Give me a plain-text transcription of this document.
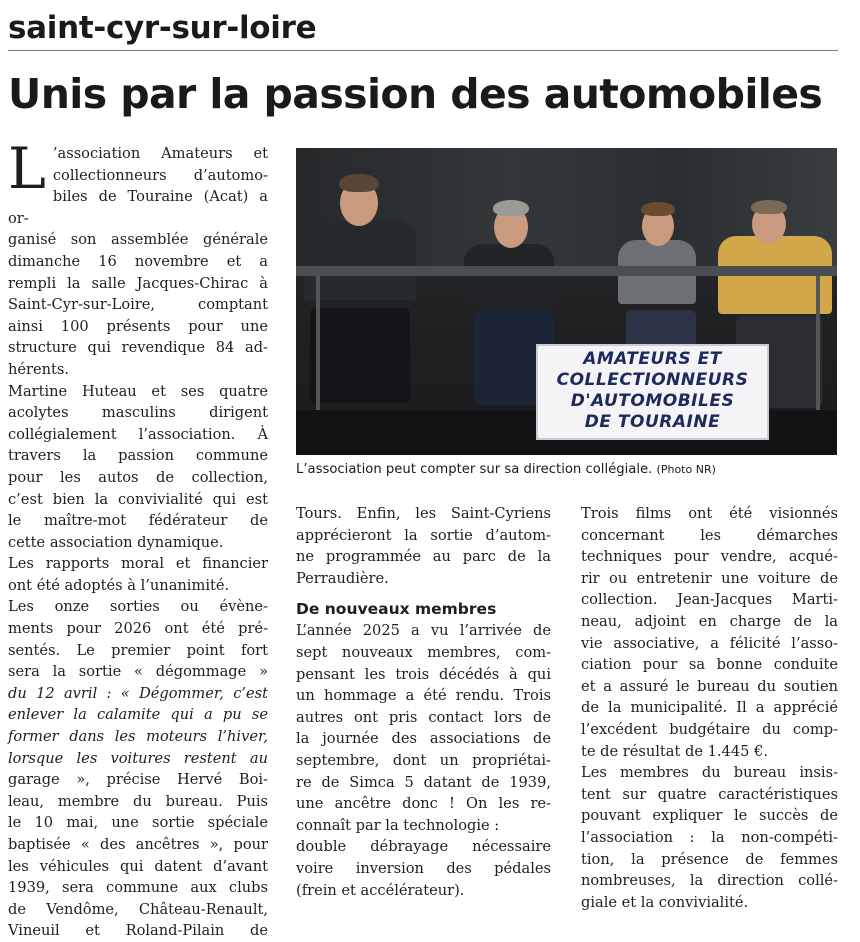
saint-cyr-sur-loire
Unis par la passion des automobiles
L ’association Amateurs et
collectionneurs d’automo-
biles de Touraine (Acat) a or-
ganisé son assemblée générale
dimanche 16 novembre et a
rempli la salle Jacques-Chirac à
Saint-Cyr-sur-Loire, comptant
ainsi 100 présents pour une
structure qui revendique 84 ad-
hérents.
Martine Huteau et ses quatre
acolytes masculins dirigent
collégialement l’association. À
travers la passion commune
pour les autos de collection,
c’est bien la convivialité qui est
le maître-mot fédérateur de
cette association dynamique.
Les rapports moral et financier
ont été adoptés à l’unanimité.
Les onze sorties ou évène-
ments pour 2026 ont été pré-
sentés. Le premier point fort
sera la sortie « dégommage »
du 12 avril : « Dégommer, c’est
enlever la calamite qui a pu se
former dans les moteurs l’hiver,
lorsque les voitures restent au
garage », précise Hervé Boi-
leau, membre du bureau. Puis
le 10 mai, une sortie spéciale
baptisée « des ancêtres », pour
les véhicules qui datent d’avant
1939, sera commune aux clubs
de Vendôme, Château-Renault,
Vineuil et Roland-Pilain de
AMATEURS ET
COLLECTIONNEURS
D'AUTOMOBILES
DE TOURAINE
L’association peut compter sur sa direction collégiale. (Photo NR)
Tours. Enfin, les Saint-Cyriens
apprécieront la sortie d’autom-
ne programmée au parc de la
Perraudière.
De nouveaux membres
L’année 2025 a vu l’arrivée de
sept nouveaux membres, com-
pensant les trois décédés à qui
un hommage a été rendu. Trois
autres ont pris contact lors de
la journée des associations de
septembre, dont un propriétai-
re de Simca 5 datant de 1939,
une ancêtre donc ! On les re-
connaît par la technologie :
double débrayage nécessaire
voire inversion des pédales
(frein et accélérateur).
Trois films ont été visionnés
concernant les démarches
techniques pour vendre, acqué-
rir ou entretenir une voiture de
collection. Jean-Jacques Marti-
neau, adjoint en charge de la
vie associative, a félicité l’asso-
ciation pour sa bonne conduite
et a assuré le bureau du soutien
de la municipalité. Il a apprécié
l’excédent budgétaire du comp-
te de résultat de 1.445 €.
Les membres du bureau insis-
tent sur quatre caractéristiques
pouvant expliquer le succès de
l’association : la non-compéti-
tion, la présence de femmes
nombreuses, la direction collé-
giale et la convivialité.
